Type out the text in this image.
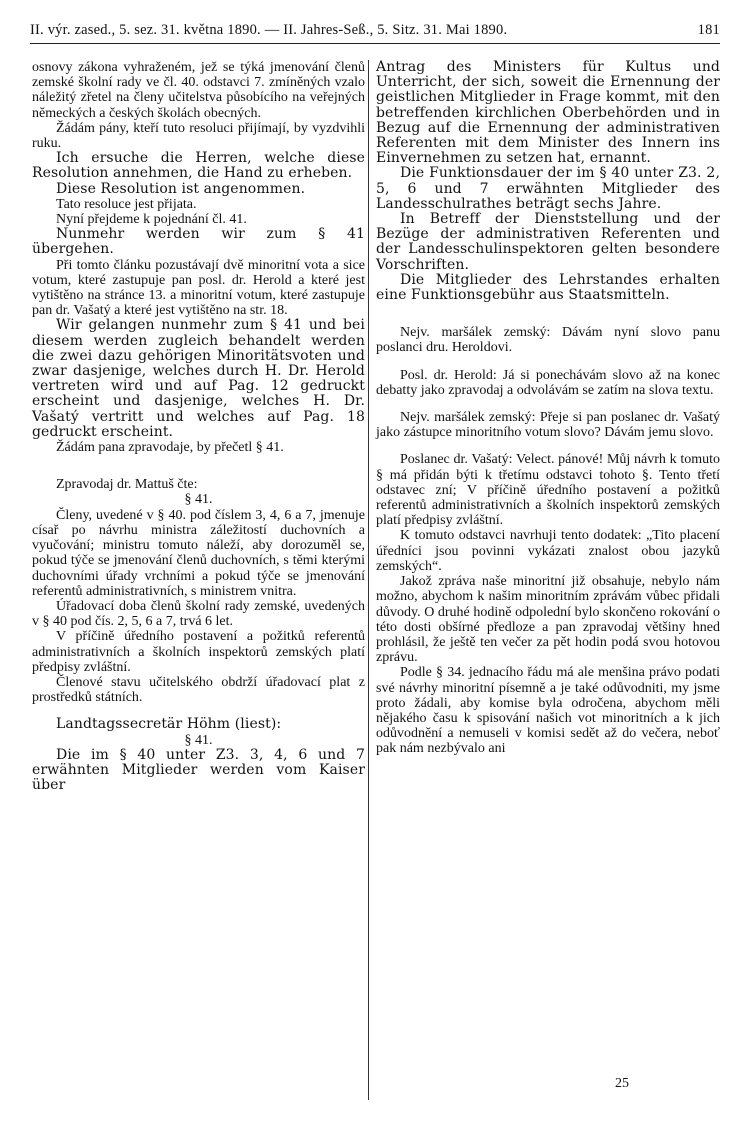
II. výr. zased., 5. sez. 31. května 1890. — II. Jahres-Seß., 5. Sitz. 31. Mai 1890.	181

osnovy zákona vyhraženém, jež se týká jmenování členů zemské školní rady ve čl. 40. odstavci 7. zmíněných vzalo náležitý zřetel na členy učitelstva působícího na veřejných německých a českých školách obecných.

Žádám pány, kteří tuto resoluci přijímají, by vyzdvihli ruku.

Ich ersuche die Herren, welche diese Resolution annehmen, die Hand zu erheben.

Diese Resolution ist angenommen.

Tato resoluce jest přijata.

Nyní přejdeme k pojednání čl. 41.

Nunmehr werden wir zum § 41 übergehen.

Při tomto článku pozustávají dvě minoritní vota a sice votum, které zastupuje pan posl. dr. Herold a které jest vytištěno na stránce 13. a minoritní votum, které zastupuje pan dr. Vašatý a které jest vytištěno na str. 18.

Wir gelangen nunmehr zum § 41 und bei diesem werden zugleich behandelt werden die zwei dazu gehörigen Minoritätsvoten und zwar dasjenige, welches durch H. Dr. Herold vertreten wird und auf Pag. 12 gedruckt erscheint und dasjenige, welches H. Dr. Vašatý vertritt und welches auf Pag. 18 gedruckt erscheint.

Žádám pana zpravodaje, by přečetl § 41.

Zpravodaj dr. Mattuš čte:

§ 41.

Členy, uvedené v § 40. pod číslem 3, 4, 6 a 7, jmenuje císař po návrhu ministra záležitostí duchovních a vyučování; ministru tomuto náleží, aby dorozuměl se, pokud týče se jmenování členů duchovních, s těmi kterými duchovními úřady vrchními a pokud týče se jmenování referentů administrativních, s ministrem vnitra.

Úřadovací doba členů školní rady zemské, uvedených v § 40 pod čís. 2, 5, 6 a 7, trvá 6 let.

V příčině úředního postavení a požitků referentů administrativních a školních inspektorů zemských platí předpisy zvláštní.

Členové stavu učitelského obdrží úřadovací plat z prostředků státních.

Landtagssecretär Höhm (liest):

§ 41.

Die im § 40 unter Z3. 3, 4, 6 und 7 erwähnten Mitglieder werden vom Kaiser über

Antrag des Ministers für Kultus und Unterricht, der sich, soweit die Ernennung der geistlichen Mitglieder in Frage kommt, mit den betreffenden kirchlichen Oberbehörden und in Bezug auf die Ernennung der administrativen Referenten mit dem Minister des Innern ins Einvernehmen zu setzen hat, ernannt.

Die Funktionsdauer der im § 40 unter Z3. 2, 5, 6 und 7 erwähnten Mitglieder des Landesschulrathes beträgt sechs Jahre.

In Betreff der Dienststellung und der Bezüge der administrativen Referenten und der Landesschulinspektoren gelten besondere Vorschriften.

Die Mitglieder des Lehrstandes erhalten eine Funktionsgebühr aus Staatsmitteln.

Nejv. maršálek zemský: Dávám nyní slovo panu poslanci dru. Heroldovi.

Posl. dr. Herold: Já si ponechávám slovo až na konec debatty jako zpravodaj a odvolávám se zatím na slova textu.

Nejv. maršálek zemský: Přeje si pan poslanec dr. Vašatý jako zástupce minoritního votum slovo? Dávám jemu slovo.

Poslanec dr. Vašatý: Velect. pánové! Můj návrh k tomuto § má přidán býti k třetímu odstavci tohoto §. Tento třetí odstavec zní; V příčině úředního postavení a požitků referentů administrativních a školních inspektorů zemských platí předpisy zvláštní.

K tomuto odstavci navrhuji tento dodatek: „Tito placení úředníci jsou povinni vykázati znalost obou jazyků zemských“.

Jakož zpráva naše minoritní již obsahuje, nebylo nám možno, abychom k našim minoritním zprávám vůbec přidali důvody. O druhé hodině odpolední bylo skončeno rokování o této dosti obšírné předloze a pan zpravodaj většiny hned prohlásil, že ještě ten večer za pět hodin podá svou hotovou zprávu.

Podle § 34. jednacího řádu má ale menšina právo podati své návrhy minoritní písemně a je také odůvodniti, my jsme proto žádali, aby komise byla odročena, abychom měli nějakého času k spisování našich vot minoritních a k jich odůvodnění a nemuseli v komisi sedět až do večera, neboť pak nám nezbývalo ani

25
